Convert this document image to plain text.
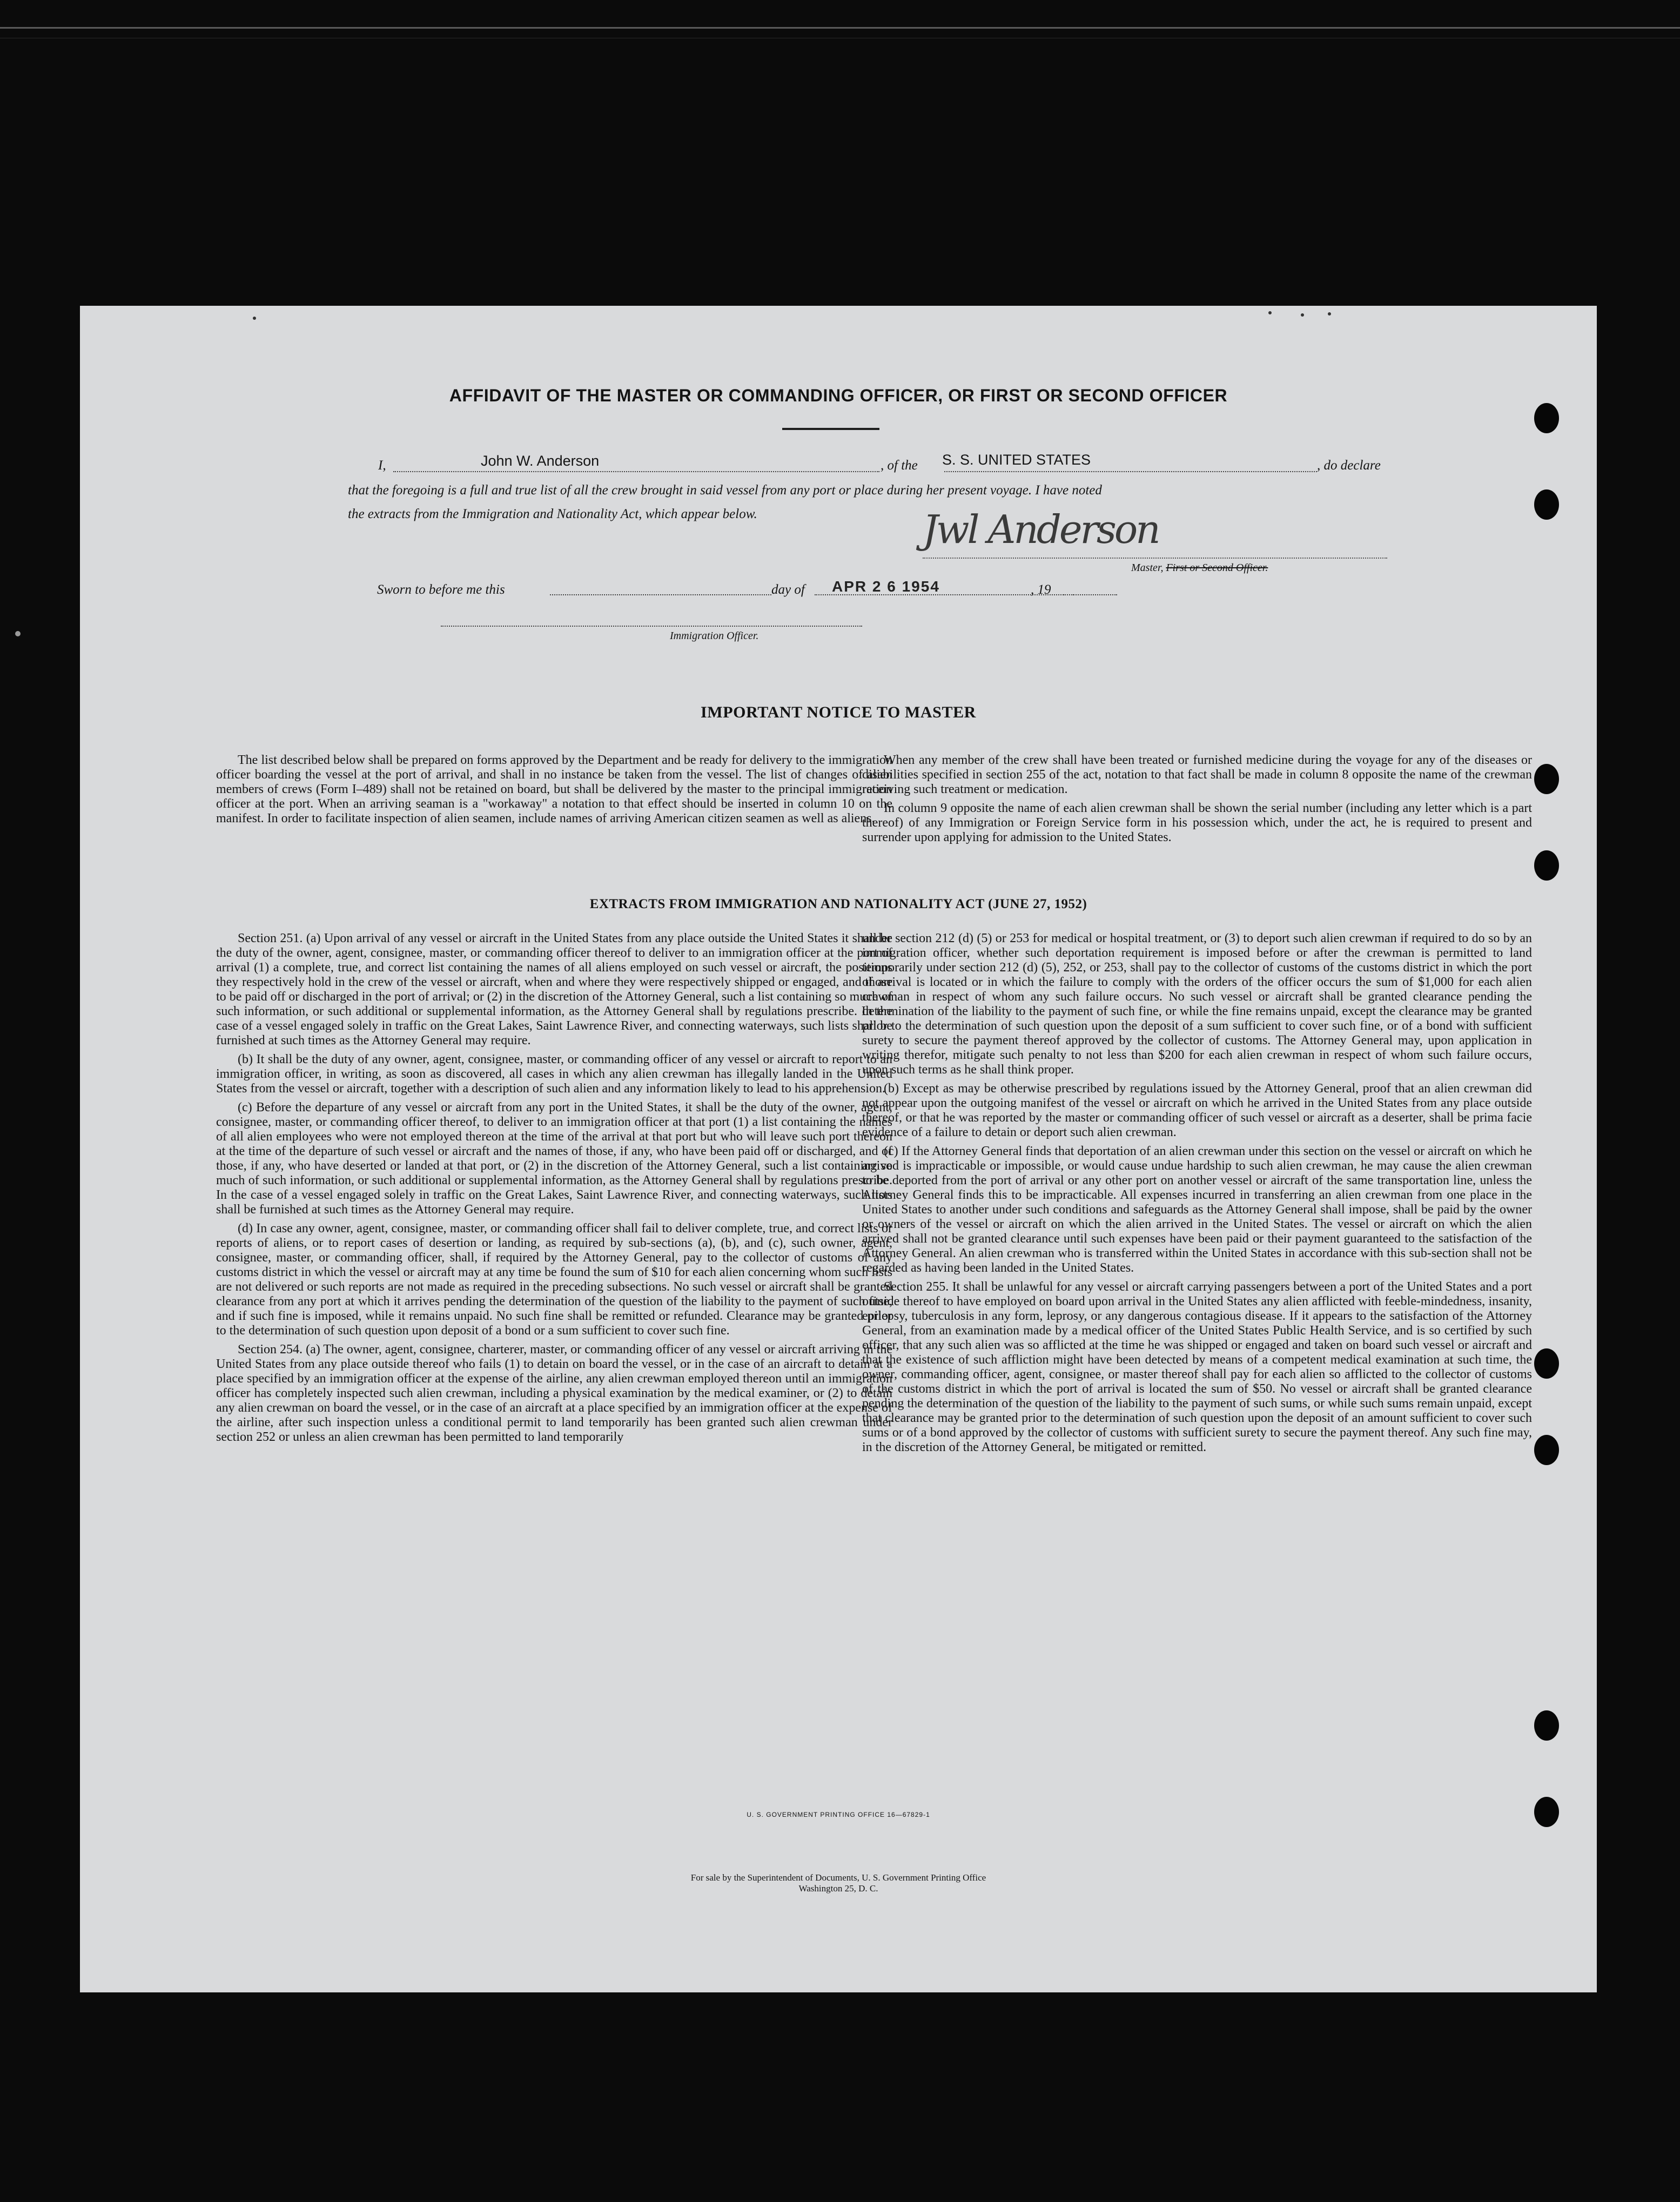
AFFIDAVIT OF THE MASTER OR COMMANDING OFFICER, OR FIRST OR SECOND OFFICER
I,	John W. Anderson	, of the S. S. UNITED STATES	, do declare
that the foregoing is a full and true list of all the crew brought in said vessel from any port or place during her present voyage. I have noted
the extracts from the Immigration and Nationality Act, which appear below.	Jwl Anderson
Master, First or Second Officer.
Sworn to before me this	day of APR 2 6 1954	, 19
Immigration Officer.
IMPORTANT NOTICE TO MASTER

The list described below shall be prepared on forms approved by the Department and be ready for delivery to the immigration officer boarding the vessel at the port of arrival, and shall in no instance be taken from the vessel. The list of changes of alien members of crews (Form I–489) shall not be retained on board, but shall be delivered by the master to the principal immigration officer at the port. When an arriving seaman is a "workaway" a notation to that effect should be inserted in column 10 on the manifest. In order to facilitate inspection of alien seamen, include names of arriving American citizen seamen as well as aliens.

When any member of the crew shall have been treated or furnished medicine during the voyage for any of the diseases or disabilities specified in section 255 of the act, notation to that fact shall be made in column 8 opposite the name of the crewman receiving such treatment or medication.

In column 9 opposite the name of each alien crewman shall be shown the serial number (including any letter which is a part thereof) of any Immigration or Foreign Service form in his possession which, under the act, he is required to present and surrender upon applying for admission to the United States.

EXTRACTS FROM IMMIGRATION AND NATIONALITY ACT (JUNE 27, 1952)

Section 251. (a) Upon arrival of any vessel or aircraft in the United States from any place outside the United States it shall be the duty of the owner, agent, consignee, master, or commanding officer thereof to deliver to an immigration officer at the port of arrival (1) a complete, true, and correct list containing the names of all aliens employed on such vessel or aircraft, the positions they respectively hold in the crew of the vessel or aircraft, when and where they were respectively shipped or engaged, and those to be paid off or discharged in the port of arrival; or (2) in the discretion of the Attorney General, such a list containing so much of such information, or such additional or supplemental information, as the Attorney General shall by regulations prescribe. In the case of a vessel engaged solely in traffic on the Great Lakes, Saint Lawrence River, and connecting waterways, such lists shall be furnished at such times as the Attorney General may require.

(b) It shall be the duty of any owner, agent, consignee, master, or commanding officer of any vessel or aircraft to report to an immigration officer, in writing, as soon as discovered, all cases in which any alien crewman has illegally landed in the United States from the vessel or aircraft, together with a description of such alien and any information likely to lead to his apprehension.

(c) Before the departure of any vessel or aircraft from any port in the United States, it shall be the duty of the owner, agent, consignee, master, or commanding officer thereof, to deliver to an immigration officer at that port (1) a list containing the names of all alien employees who were not employed thereon at the time of the arrival at that port but who will leave such port thereon at the time of the departure of such vessel or aircraft and the names of those, if any, who have been paid off or discharged, and of those, if any, who have deserted or landed at that port, or (2) in the discretion of the Attorney General, such a list containing so much of such information, or such additional or supplemental information, as the Attorney General shall by regulations prescribe. In the case of a vessel engaged solely in traffic on the Great Lakes, Saint Lawrence River, and connecting waterways, such lists shall be furnished at such times as the Attorney General may require.

(d) In case any owner, agent, consignee, master, or commanding officer shall fail to deliver complete, true, and correct lists or reports of aliens, or to report cases of desertion or landing, as required by sub-sections (a), (b), and (c), such owner, agent, consignee, master, or commanding officer, shall, if required by the Attorney General, pay to the collector of customs of any customs district in which the vessel or aircraft may at any time be found the sum of $10 for each alien concerning whom such lists are not delivered or such reports are not made as required in the preceding subsections. No such vessel or aircraft shall be granted clearance from any port at which it arrives pending the determination of the question of the liability to the payment of such fine, and if such fine is imposed, while it remains unpaid. No such fine shall be remitted or refunded. Clearance may be granted prior to the determination of such question upon deposit of a bond or a sum sufficient to cover such fine.

Section 254. (a) The owner, agent, consignee, charterer, master, or commanding officer of any vessel or aircraft arriving in the United States from any place outside thereof who fails (1) to detain on board the vessel, or in the case of an aircraft to detain at a place specified by an immigration officer at the expense of the airline, any alien crewman employed thereon until an immigration officer has completely inspected such alien crewman, including a physical examination by the medical examiner, or (2) to detain any alien crewman on board the vessel, or in the case of an aircraft at a place specified by an immigration officer at the expense of the airline, after such inspection unless a conditional permit to land temporarily has been granted such alien crewman under section 252 or unless an alien crewman has been permitted to land temporarily

under section 212 (d) (5) or 253 for medical or hospital treatment, or (3) to deport such alien crewman if required to do so by an immigration officer, whether such deportation requirement is imposed before or after the crewman is permitted to land temporarily under section 212 (d) (5), 252, or 253, shall pay to the collector of customs of the customs district in which the port of arrival is located or in which the failure to comply with the orders of the officer occurs the sum of $1,000 for each alien crewman in respect of whom any such failure occurs. No such vessel or aircraft shall be granted clearance pending the determination of the liability to the payment of such fine, or while the fine remains unpaid, except the clearance may be granted prior to the determination of such question upon the deposit of a sum sufficient to cover such fine, or of a bond with sufficient surety to secure the payment thereof approved by the collector of customs. The Attorney General may, upon application in writing therefor, mitigate such penalty to not less than $200 for each alien crewman in respect of whom such failure occurs, upon such terms as he shall think proper.

(b) Except as may be otherwise prescribed by regulations issued by the Attorney General, proof that an alien crewman did not appear upon the outgoing manifest of the vessel or aircraft on which he arrived in the United States from any place outside thereof, or that he was reported by the master or commanding officer of such vessel or aircraft as a deserter, shall be prima facie evidence of a failure to detain or deport such alien crewman.

(c) If the Attorney General finds that deportation of an alien crewman under this section on the vessel or aircraft on which he arrived is impracticable or impossible, or would cause undue hardship to such alien crewman, he may cause the alien crewman to be deported from the port of arrival or any other port on another vessel or aircraft of the same transportation line, unless the Attorney General finds this to be impracticable. All expenses incurred in transferring an alien crewman from one place in the United States to another under such conditions and safeguards as the Attorney General shall impose, shall be paid by the owner or owners of the vessel or aircraft on which the alien arrived in the United States. The vessel or aircraft on which the alien arrived shall not be granted clearance until such expenses have been paid or their payment guaranteed to the satisfaction of the Attorney General. An alien crewman who is transferred within the United States in accordance with this sub-section shall not be regarded as having been landed in the United States.

Section 255. It shall be unlawful for any vessel or aircraft carrying passengers between a port of the United States and a port outside thereof to have employed on board upon arrival in the United States any alien afflicted with feeble-mindedness, insanity, epilepsy, tuberculosis in any form, leprosy, or any dangerous contagious disease. If it appears to the satisfaction of the Attorney General, from an examination made by a medical officer of the United States Public Health Service, and is so certified by such officer, that any such alien was so afflicted at the time he was shipped or engaged and taken on board such vessel or aircraft and that the existence of such affliction might have been detected by means of a competent medical examination at such time, the owner, commanding officer, agent, consignee, or master thereof shall pay for each alien so afflicted to the collector of customs of the customs district in which the port of arrival is located the sum of $50. No vessel or aircraft shall be granted clearance pending the determination of the question of the liability to the payment of such sums, or while such sums remain unpaid, except that clearance may be granted prior to the determination of such question upon the deposit of an amount sufficient to cover such sums or of a bond approved by the collector of customs with sufficient surety to secure the payment thereof. Any such fine may, in the discretion of the Attorney General, be mitigated or remitted.

U. S. GOVERNMENT PRINTING OFFICE 16—67829-1
For sale by the Superintendent of Documents, U. S. Government Printing Office
Washington 25, D. C.
